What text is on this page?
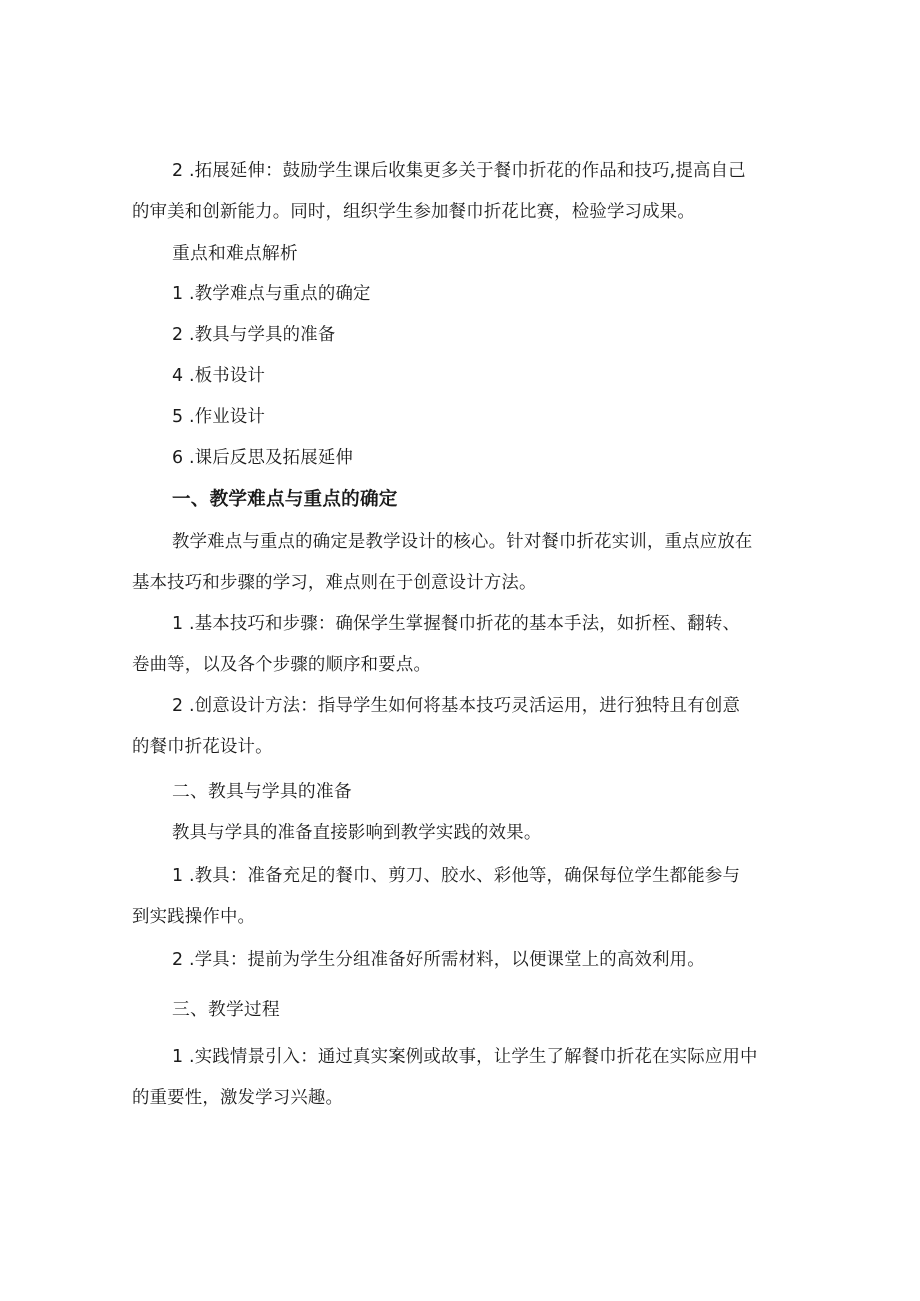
2 .拓展延伸：鼓励学生课后收集更多关于餐巾折花的作品和技巧,提高自己
的审美和创新能力。同时，组织学生参加餐巾折花比赛，检验学习成果。
重点和难点解析
1 .教学难点与重点的确定
2 .教具与学具的准备
4 .板书设计
5 .作业设计
6 .课后反思及拓展延伸
一、教学难点与重点的确定
教学难点与重点的确定是教学设计的核心。针对餐巾折花实训，重点应放在
基本技巧和步骤的学习，难点则在于创意设计方法。
1 .基本技巧和步骤：确保学生掌握餐巾折花的基本手法，如折桎、翻转、
卷曲等，以及各个步骤的顺序和要点。
2 .创意设计方法：指导学生如何将基本技巧灵活运用，进行独特且有创意
的餐巾折花设计。
二、教具与学具的准备
教具与学具的准备直接影响到教学实践的效果。
1 .教具：准备充足的餐巾、剪刀、胶水、彩他等，确保每位学生都能参与
到实践操作中。
2 .学具：提前为学生分组准备好所需材料，以便课堂上的高效利用。
三、教学过程
1 .实践情景引入：通过真实案例或故事，让学生了解餐巾折花在实际应用中
的重要性，激发学习兴趣。
